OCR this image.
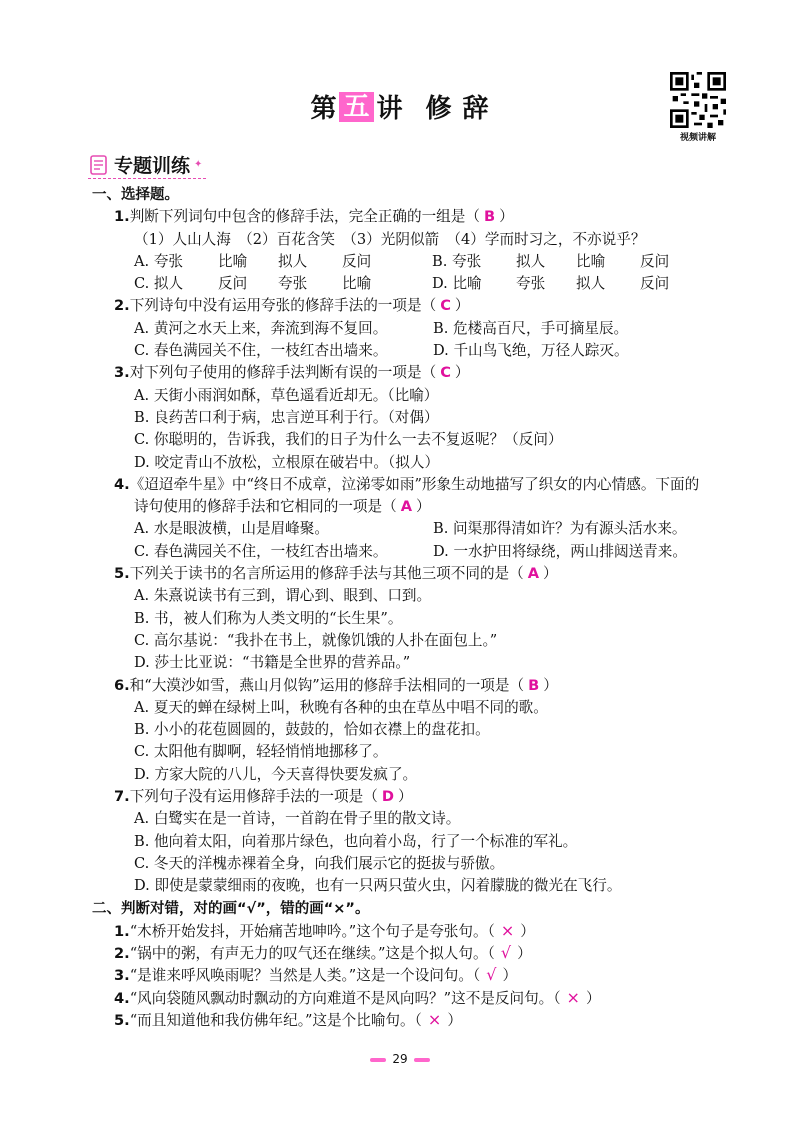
第 五 讲 修 辞
视频讲解
专题训练 ✦
一、选择题。
1.判断下列词句中包含的修辞手法，完全正确的一组是（ B ）
（1）人山人海　（2）百花含笑　（3）光阴似箭　（4）学而时习之，不亦说乎？
A. 夸张	比喻	拟人	反问	B. 夸张	拟人	比喻	反问
C. 拟人	反问	夸张	比喻	D. 比喻	夸张	拟人	反问
2.下列诗句中没有运用夸张的修辞手法的一项是（ C ）
A. 黄河之水天上来，奔流到海不复回。	B. 危楼高百尺，手可摘星辰。
C. 春色满园关不住，一枝红杏出墙来。	D. 千山鸟飞绝，万径人踪灭。
3.对下列句子使用的修辞手法判断有误的一项是（ C ）
A. 天街小雨润如酥，草色遥看近却无。（比喻）
B. 良药苦口利于病，忠言逆耳利于行。（对偶）
C. 你聪明的，告诉我，我们的日子为什么一去不复返呢？（反问）
D. 咬定青山不放松，立根原在破岩中。（拟人）
4.《迢迢牵牛星》中“终日不成章，泣涕零如雨”形象生动地描写了织女的内心情感。下面的
诗句使用的修辞手法和它相同的一项是（ A ）
A. 水是眼波横，山是眉峰聚。	B. 问渠那得清如许？为有源头活水来。
C. 春色满园关不住，一枝红杏出墙来。	D. 一水护田将绿绕，两山排闼送青来。
5.下列关于读书的名言所运用的修辞手法与其他三项不同的是（ A ）
A. 朱熹说读书有三到，谓心到、眼到、口到。
B. 书，被人们称为人类文明的“长生果”。
C. 高尔基说：“我扑在书上，就像饥饿的人扑在面包上。”
D. 莎士比亚说：“书籍是全世界的营养品。”
6.和“大漠沙如雪，燕山月似钩”运用的修辞手法相同的一项是（ B ）
A. 夏天的蝉在绿树上叫，秋晚有各种的虫在草丛中唱不同的歌。
B. 小小的花苞圆圆的，鼓鼓的，恰如衣襟上的盘花扣。
C. 太阳他有脚啊，轻轻悄悄地挪移了。
D. 方家大院的八儿，今天喜得快要发疯了。
7.下列句子没有运用修辞手法的一项是（ D ）
A. 白鹭实在是一首诗，一首韵在骨子里的散文诗。
B. 他向着太阳，向着那片绿色，也向着小岛，行了一个标准的军礼。
C. 冬天的洋槐赤裸着全身，向我们展示它的挺拔与骄傲。
D. 即使是蒙蒙细雨的夜晚，也有一只两只萤火虫，闪着朦胧的微光在飞行。
二、判断对错，对的画“√”，错的画“×”。
1.“木桥开始发抖，开始痛苦地呻吟。”这个句子是夸张句。（ × ）
2.“锅中的粥，有声无力的叹气还在继续。”这是个拟人句。（ √ ）
3.“是谁来呼风唤雨呢？当然是人类。”这是一个设问句。（ √ ）
4.“风向袋随风飘动时飘动的方向难道不是风向吗？”这不是反问句。（ × ）
5.“而且知道他和我仿佛年纪。”这是个比喻句。（ × ）
29
